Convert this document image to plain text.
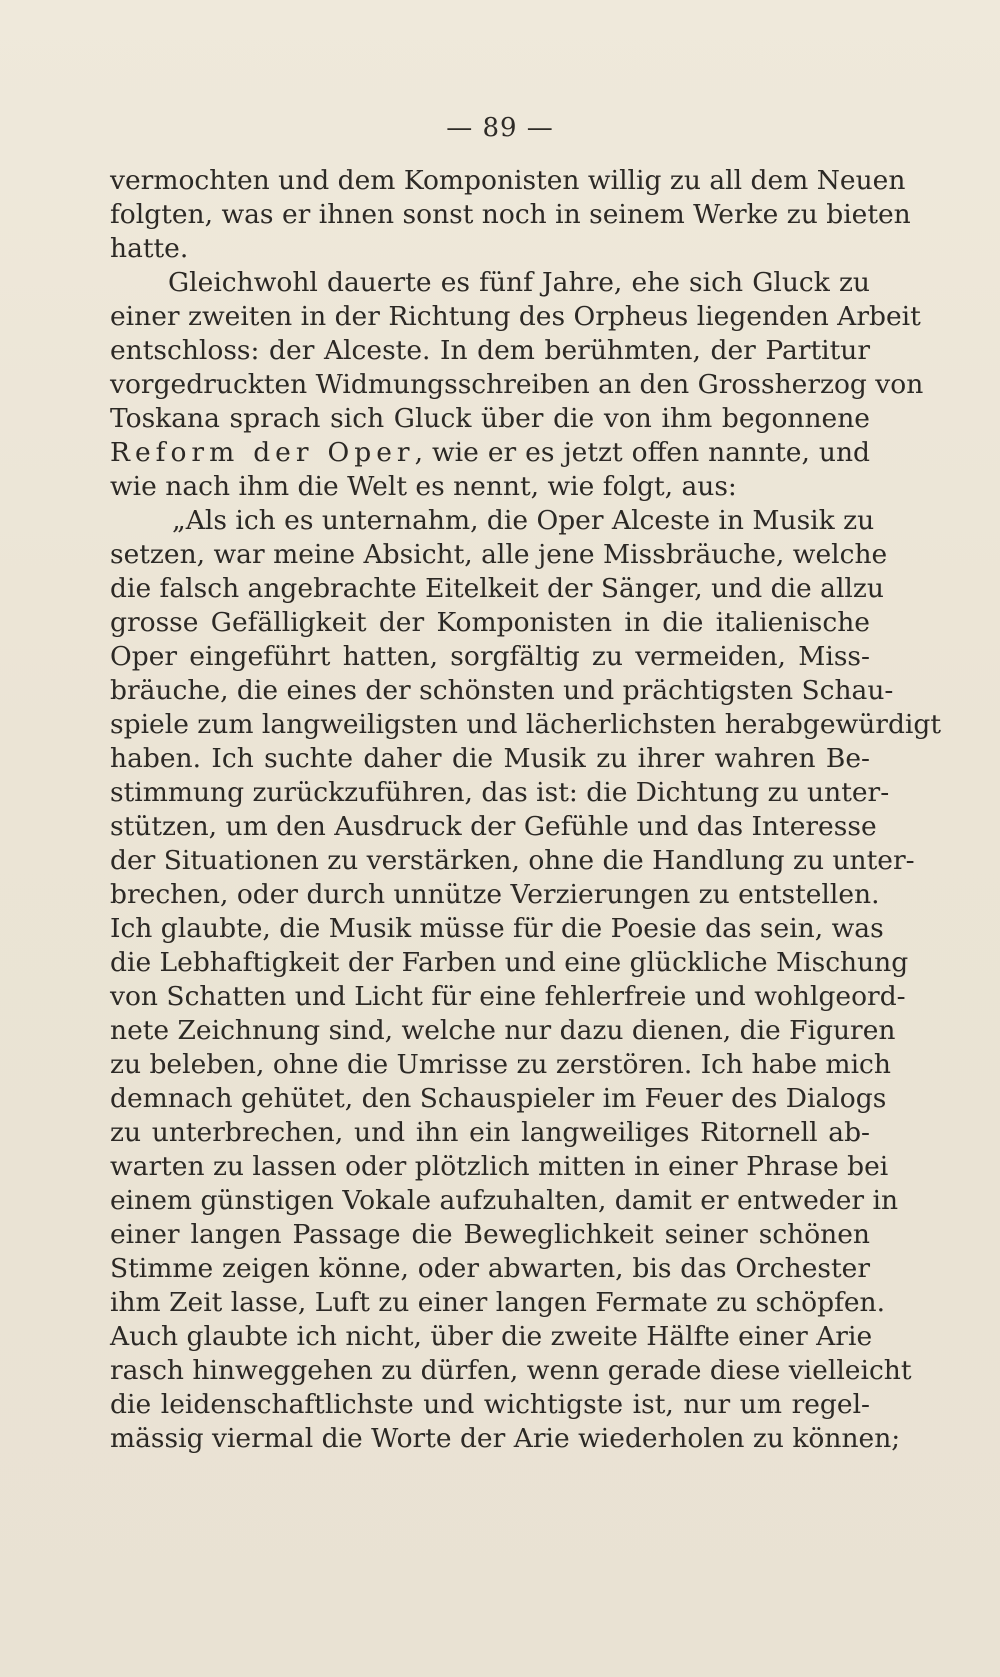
— 89 —
vermochten und dem Komponisten willig zu all dem Neuen
folgten, was er ihnen sonst noch in seinem Werke zu bieten
hatte.
Gleichwohl dauerte es fünf Jahre, ehe sich Gluck zu
einer zweiten in der Richtung des Orpheus liegenden Arbeit
entschloss: der Alceste. In dem berühmten, der Partitur
vorgedruckten Widmungsschreiben an den Grossherzog von
Toskana sprach sich Gluck über die von ihm begonnene
Reform der Oper, wie er es jetzt offen nannte, und
wie nach ihm die Welt es nennt, wie folgt, aus:
„Als ich es unternahm, die Oper Alceste in Musik zu
setzen, war meine Absicht, alle jene Missbräuche, welche
die falsch angebrachte Eitelkeit der Sänger, und die allzu
grosse Gefälligkeit der Komponisten in die italienische
Oper eingeführt hatten, sorgfältig zu vermeiden, Miss-
bräuche, die eines der schönsten und prächtigsten Schau-
spiele zum langweiligsten und lächerlichsten herabgewürdigt
haben. Ich suchte daher die Musik zu ihrer wahren Be-
stimmung zurückzuführen, das ist: die Dichtung zu unter-
stützen, um den Ausdruck der Gefühle und das Interesse
der Situationen zu verstärken, ohne die Handlung zu unter-
brechen, oder durch unnütze Verzierungen zu entstellen.
Ich glaubte, die Musik müsse für die Poesie das sein, was
die Lebhaftigkeit der Farben und eine glückliche Mischung
von Schatten und Licht für eine fehlerfreie und wohlgeord-
nete Zeichnung sind, welche nur dazu dienen, die Figuren
zu beleben, ohne die Umrisse zu zerstören. Ich habe mich
demnach gehütet, den Schauspieler im Feuer des Dialogs
zu unterbrechen, und ihn ein langweiliges Ritornell ab-
warten zu lassen oder plötzlich mitten in einer Phrase bei
einem günstigen Vokale aufzuhalten, damit er entweder in
einer langen Passage die Beweglichkeit seiner schönen
Stimme zeigen könne, oder abwarten, bis das Orchester
ihm Zeit lasse, Luft zu einer langen Fermate zu schöpfen.
Auch glaubte ich nicht, über die zweite Hälfte einer Arie
rasch hinweggehen zu dürfen, wenn gerade diese vielleicht
die leidenschaftlichste und wichtigste ist, nur um regel-
mässig viermal die Worte der Arie wiederholen zu können;
